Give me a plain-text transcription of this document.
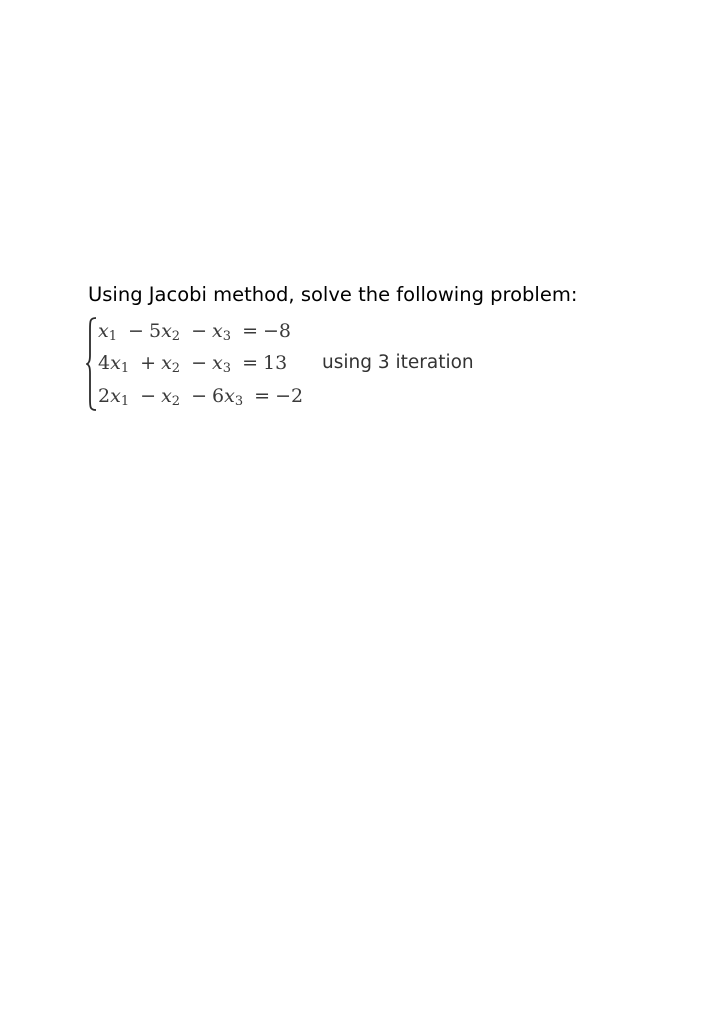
Using Jacobi method, solve the following problem:
$x_1 - 5x_2 - x_3 = -8$
$4x_1 + x_2 - x_3 = 13$
$2x_1 - x_2 - 6x_3 = -2$
using 3 iteration
